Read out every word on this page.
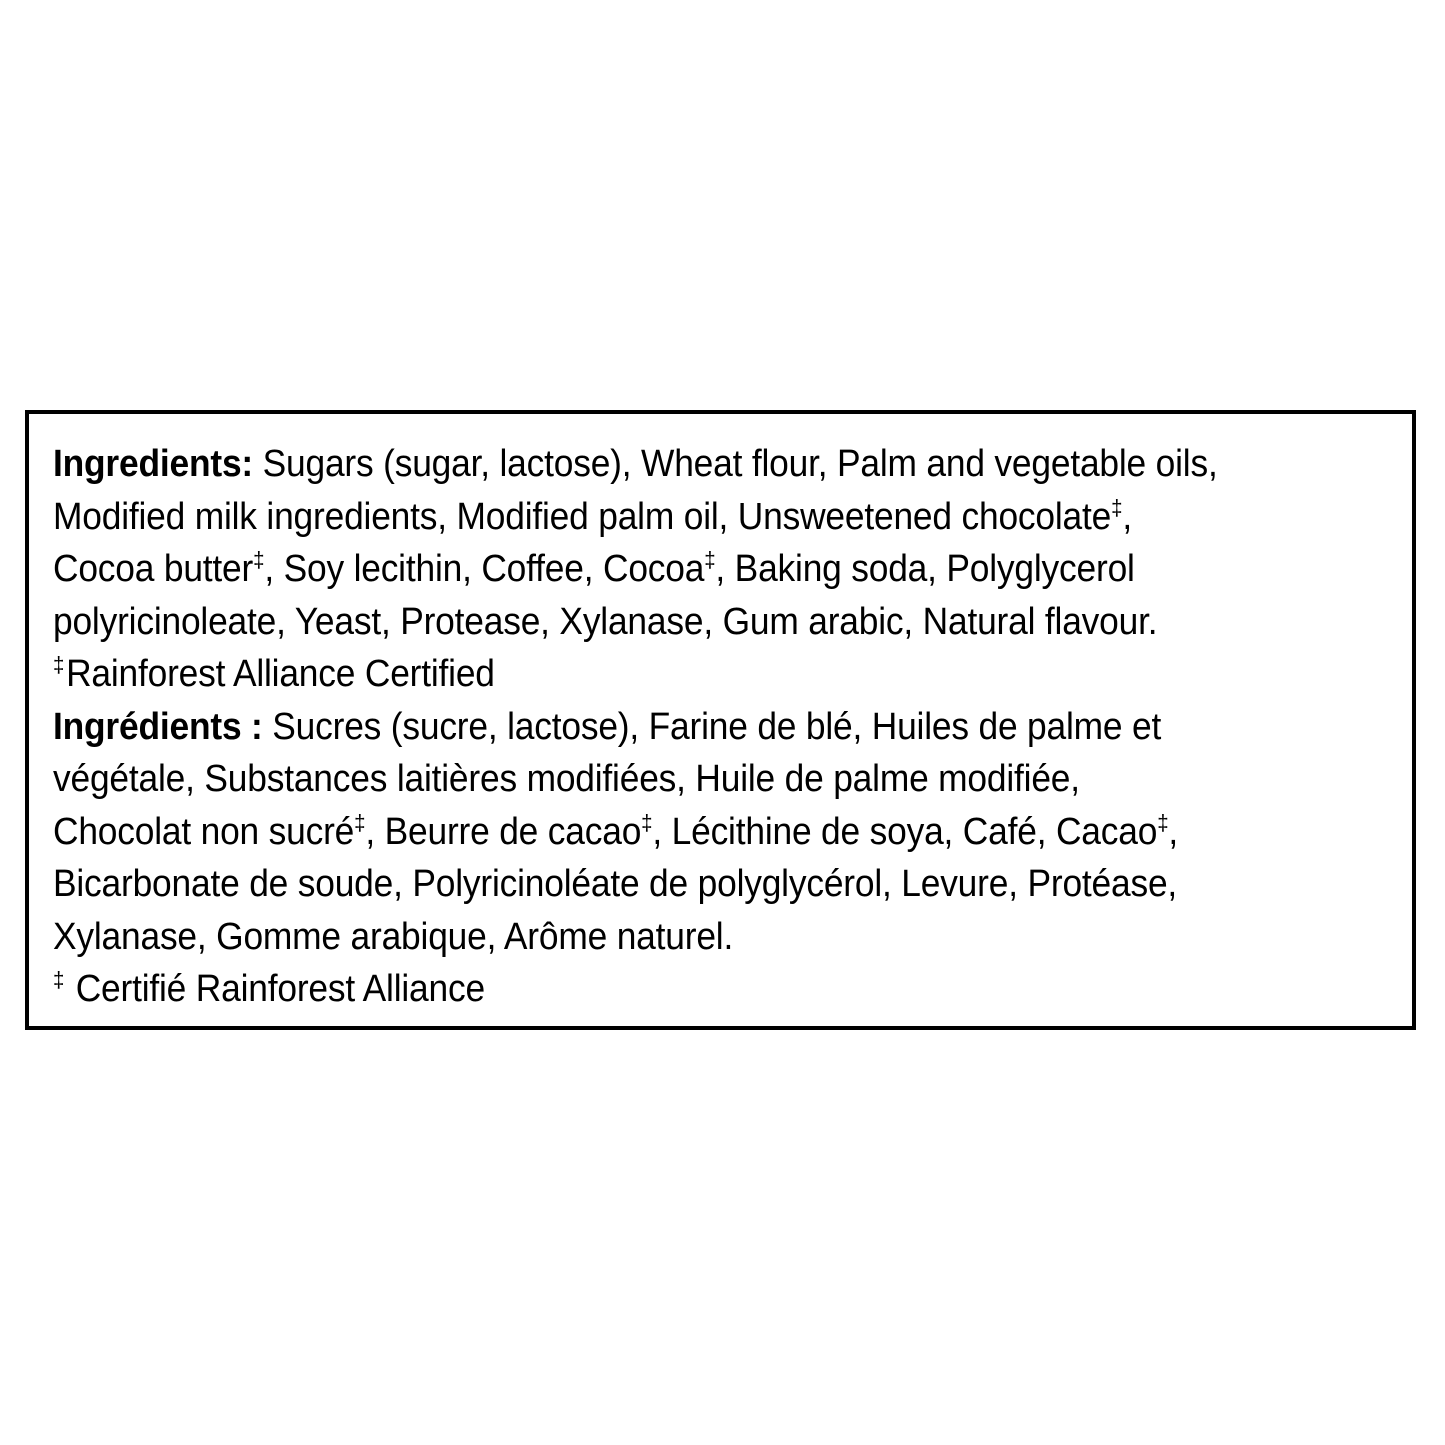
Ingredients: Sugars (sugar, lactose), Wheat flour, Palm and vegetable oils,
Modified milk ingredients, Modified palm oil, Unsweetened chocolate‡,
Cocoa butter‡, Soy lecithin, Coffee, Cocoa‡, Baking soda, Polyglycerol
polyricinoleate, Yeast, Protease, Xylanase, Gum arabic, Natural flavour.
‡Rainforest Alliance Certified
Ingrédients : Sucres (sucre, lactose), Farine de blé, Huiles de palme et
végétale, Substances laitières modifiées, Huile de palme modifiée,
Chocolat non sucré‡, Beurre de cacao‡, Lécithine de soya, Café, Cacao‡,
Bicarbonate de soude, Polyricinoléate de polyglycérol, Levure, Protéase,
Xylanase, Gomme arabique, Arôme naturel.
‡ Certifié Rainforest Alliance
